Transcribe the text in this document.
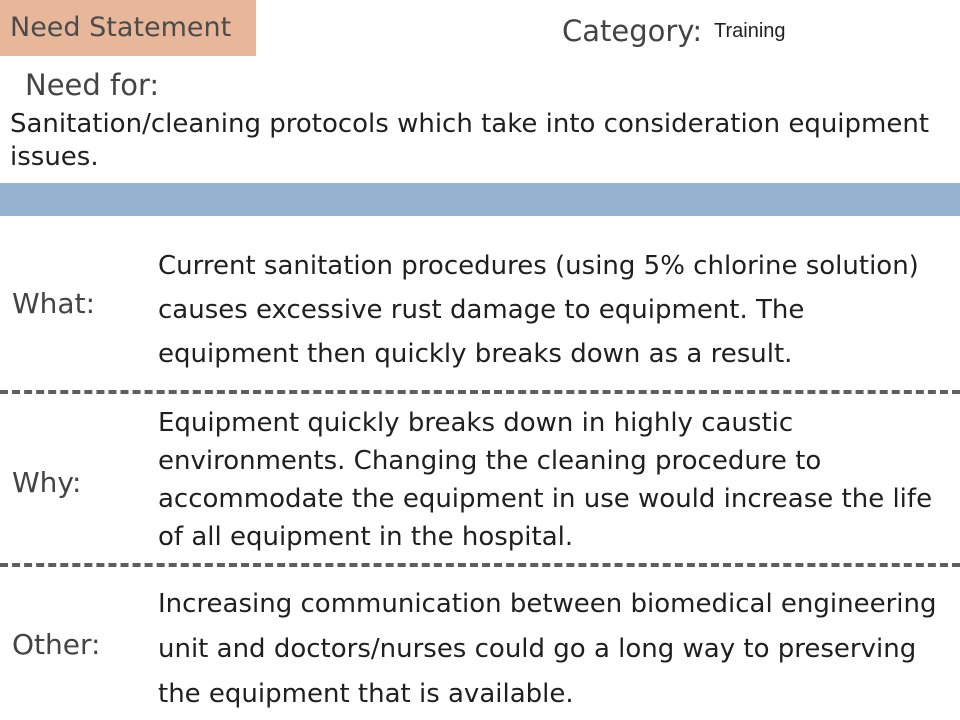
Need Statement	Category: Training
Need for:
Sanitation/cleaning protocols which take into consideration equipment issues.
What:
Current sanitation procedures (using 5% chlorine solution) causes excessive rust damage to equipment. The equipment then quickly breaks down as a result.
Why:
Equipment quickly breaks down in highly caustic environments. Changing the cleaning procedure to accommodate the equipment in use would increase the life of all equipment in the hospital.
Other:
Increasing communication between biomedical engineering unit and doctors/nurses could go a long way to preserving the equipment that is available.
